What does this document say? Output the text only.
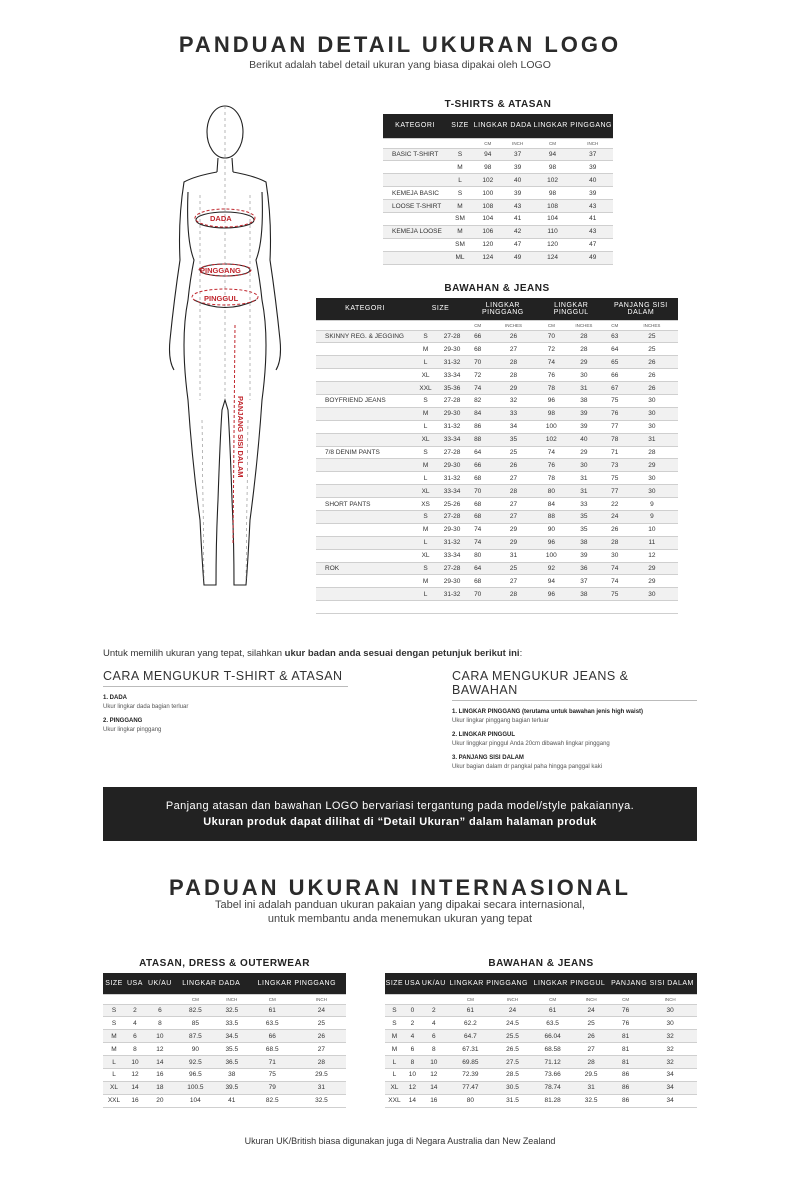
PANDUAN DETAIL UKURAN LOGO
Berikut adalah tabel detail ukuran yang biasa dipakai oleh LOGO
DADA
PINGGANG
PINGGUL
PANJANG SISI DALAM
T-SHIRTS & ATASAN
KATEGORI	SIZE	LINGKAR DADA		LINGKAR PINGGANG	
		CM	INCH	CM	INCH
BASIC T-SHIRT	S	94	37	94	37
	M	98	39	98	39
	L	102	40	102	40
KEMEJA BASIC	S	100	39	98	39
LOOSE T-SHIRT	M	108	43	108	43
	SM	104	41	104	41
KEMEJA LOOSE	M	106	42	110	43
	SM	120	47	120	47
	ML	124	49	124	49
BAWAHAN & JEANS
KATEGORI	SIZE		LINGKAR PINGGANG		LINGKAR PINGGUL		PANJANG SISI DALAM	
			CM	INCHES	CM	INCHES	CM	INCHES
SKINNY REG. & JEGGING	S	27-28	66	26	70	28	63	25
	M	29-30	68	27	72	28	64	25
	L	31-32	70	28	74	29	65	26
	XL	33-34	72	28	76	30	66	26
	XXL	35-36	74	29	78	31	67	26
BOYFRIEND JEANS	S	27-28	82	32	96	38	75	30
	M	29-30	84	33	98	39	76	30
	L	31-32	86	34	100	39	77	30
	XL	33-34	88	35	102	40	78	31
7/8 DENIM PANTS	S	27-28	64	25	74	29	71	28
	M	29-30	66	26	76	30	73	29
	L	31-32	68	27	78	31	75	30
	XL	33-34	70	28	80	31	77	30
SHORT PANTS	XS	25-26	68	27	84	33	22	9
	S	27-28	68	27	88	35	24	9
	M	29-30	74	29	90	35	26	10
	L	31-32	74	29	96	38	28	11
	XL	33-34	80	31	100	39	30	12
ROK	S	27-28	64	25	92	36	74	29
	M	29-30	68	27	94	37	74	29
	L	31-32	70	28	96	38	75	30

Untuk memilih ukuran yang tepat, silahkan ukur badan anda sesuai dengan petunjuk berikut ini:
CARA MENGUKUR T-SHIRT & ATASAN
1. DADA
Ukur lingkar dada bagian terluar
2. PINGGANG
Ukur lingkar pinggang
CARA MENGUKUR JEANS & BAWAHAN
1. LINGKAR PINGGANG (terutama untuk bawahan jenis high waist)
Ukur lingkar pinggang bagian terluar
2. LINGKAR PINGGUL
Ukur linggkar pinggul Anda 20cm dibawah lingkar pinggang
3. PANJANG SISI DALAM
Ukur bagian dalam dr pangkal paha hingga panggal kaki
Panjang atasan dan bawahan LOGO bervariasi tergantung pada model/style pakaiannya.
Ukuran produk dapat dilihat di “Detail Ukuran” dalam halaman produk
PADUAN UKURAN INTERNASIONAL
Tabel ini adalah panduan ukuran pakaian yang dipakai secara internasional,
untuk membantu anda menemukan ukuran yang tepat
ATASAN, DRESS & OUTERWEAR
SIZE	USA	UK/AU	LINGKAR DADA		LINGKAR PINGGANG	
			CM	INCH	CM	INCH
S	2	6	82.5	32.5	61	24
S	4	8	85	33.5	63.5	25
M	6	10	87.5	34.5	66	26
M	8	12	90	35.5	68.5	27
L	10	14	92.5	36.5	71	28
L	12	16	96.5	38	75	29.5
XL	14	18	100.5	39.5	79	31
XXL	16	20	104	41	82.5	32.5
BAWAHAN & JEANS
SIZE	USA	UK/AU	LINGKAR PINGGANG		LINGKAR PINGGUL		PANJANG SISI DALAM	
			CM	INCH	CM	INCH	CM	INCH
S	0	2	61	24	61	24	76	30
S	2	4	62.2	24.5	63.5	25	76	30
M	4	6	64.7	25.5	66.04	26	81	32
M	6	8	67.31	26.5	68.58	27	81	32
L	8	10	69.85	27.5	71.12	28	81	32
L	10	12	72.39	28.5	73.66	29.5	86	34
XL	12	14	77.47	30.5	78.74	31	86	34
XXL	14	16	80	31.5	81.28	32.5	86	34
Ukuran UK/British biasa digunakan juga di Negara Australia dan New Zealand
